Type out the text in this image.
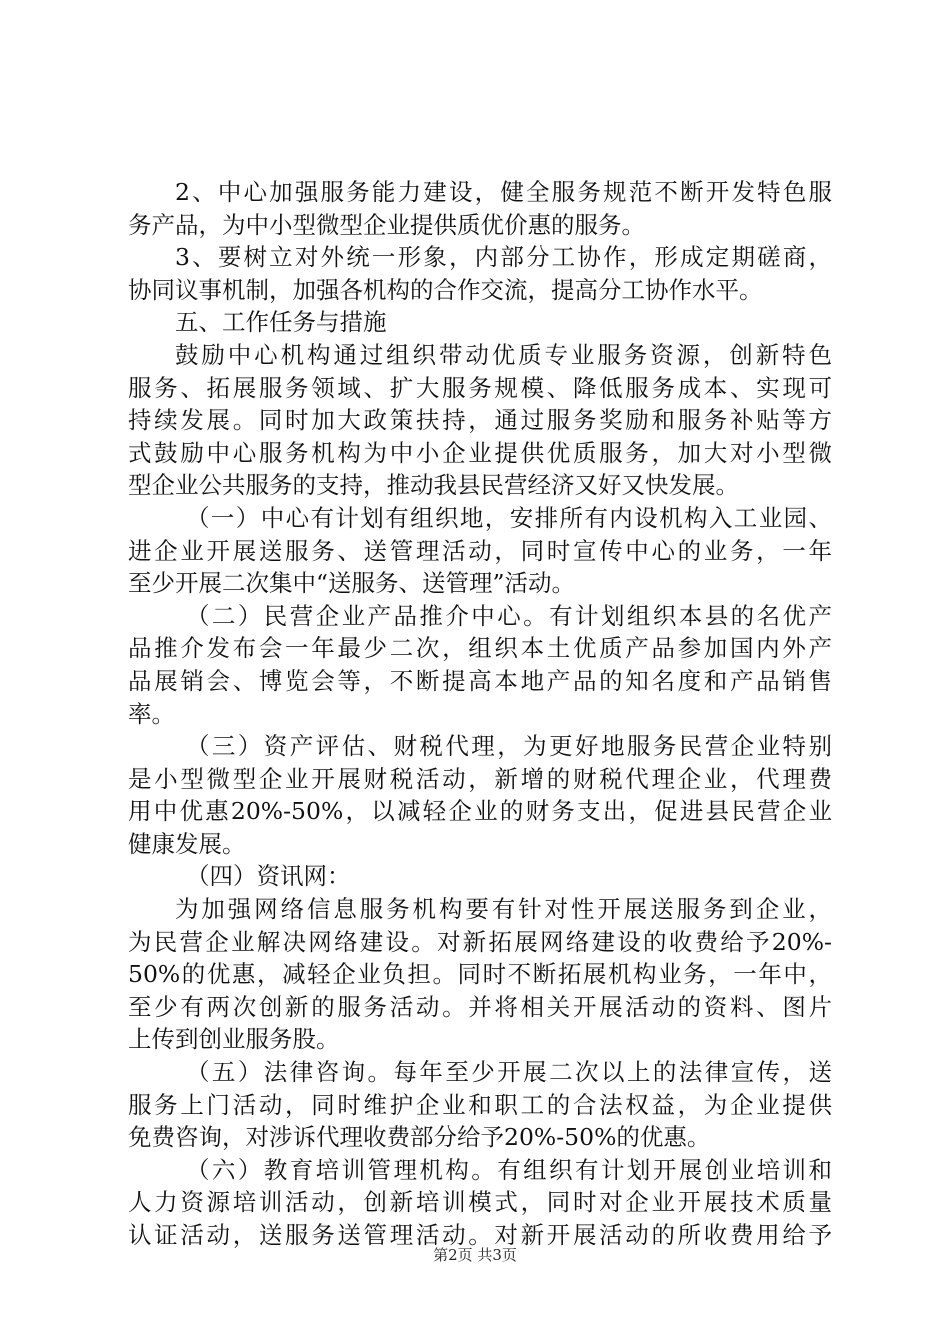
2、中心加强服务能力建设，健全服务规范不断开发特色服
务产品，为中小型微型企业提供质优价惠的服务。
3、要树立对外统一形象，内部分工协作，形成定期磋商，
协同议事机制，加强各机构的合作交流，提高分工协作水平。
五、工作任务与措施
鼓励中心机构通过组织带动优质专业服务资源，创新特色
服务、拓展服务领域、扩大服务规模、降低服务成本、实现可
持续发展。同时加大政策扶持，通过服务奖励和服务补贴等方
式鼓励中心服务机构为中小企业提供优质服务，加大对小型微
型企业公共服务的支持，推动我县民营经济又好又快发展。
（一）中心有计划有组织地，安排所有内设机构入工业园、
进企业开展送服务、送管理活动，同时宣传中心的业务，一年
至少开展二次集中“送服务、送管理”活动。
（二）民营企业产品推介中心。有计划组织本县的名优产
品推介发布会一年最少二次，组织本土优质产品参加国内外产
品展销会、博览会等，不断提高本地产品的知名度和产品销售
率。
（三）资产评估、财税代理，为更好地服务民营企业特别
是小型微型企业开展财税活动，新增的财税代理企业，代理费
用中优惠20%-50%，以减轻企业的财务支出，促进县民营企业
健康发展。
（四）资讯网：
为加强网络信息服务机构要有针对性开展送服务到企业，
为民营企业解决网络建设。对新拓展网络建设的收费给予20%-
50%的优惠，减轻企业负担。同时不断拓展机构业务，一年中，
至少有两次创新的服务活动。并将相关开展活动的资料、图片
上传到创业服务股。
（五）法律咨询。每年至少开展二次以上的法律宣传，送
服务上门活动，同时维护企业和职工的合法权益，为企业提供
免费咨询，对涉诉代理收费部分给予20%-50%的优惠。
（六）教育培训管理机构。有组织有计划开展创业培训和
人力资源培训活动，创新培训模式，同时对企业开展技术质量
认证活动，送服务送管理活动。对新开展活动的所收费用给予
第2页 共3页
